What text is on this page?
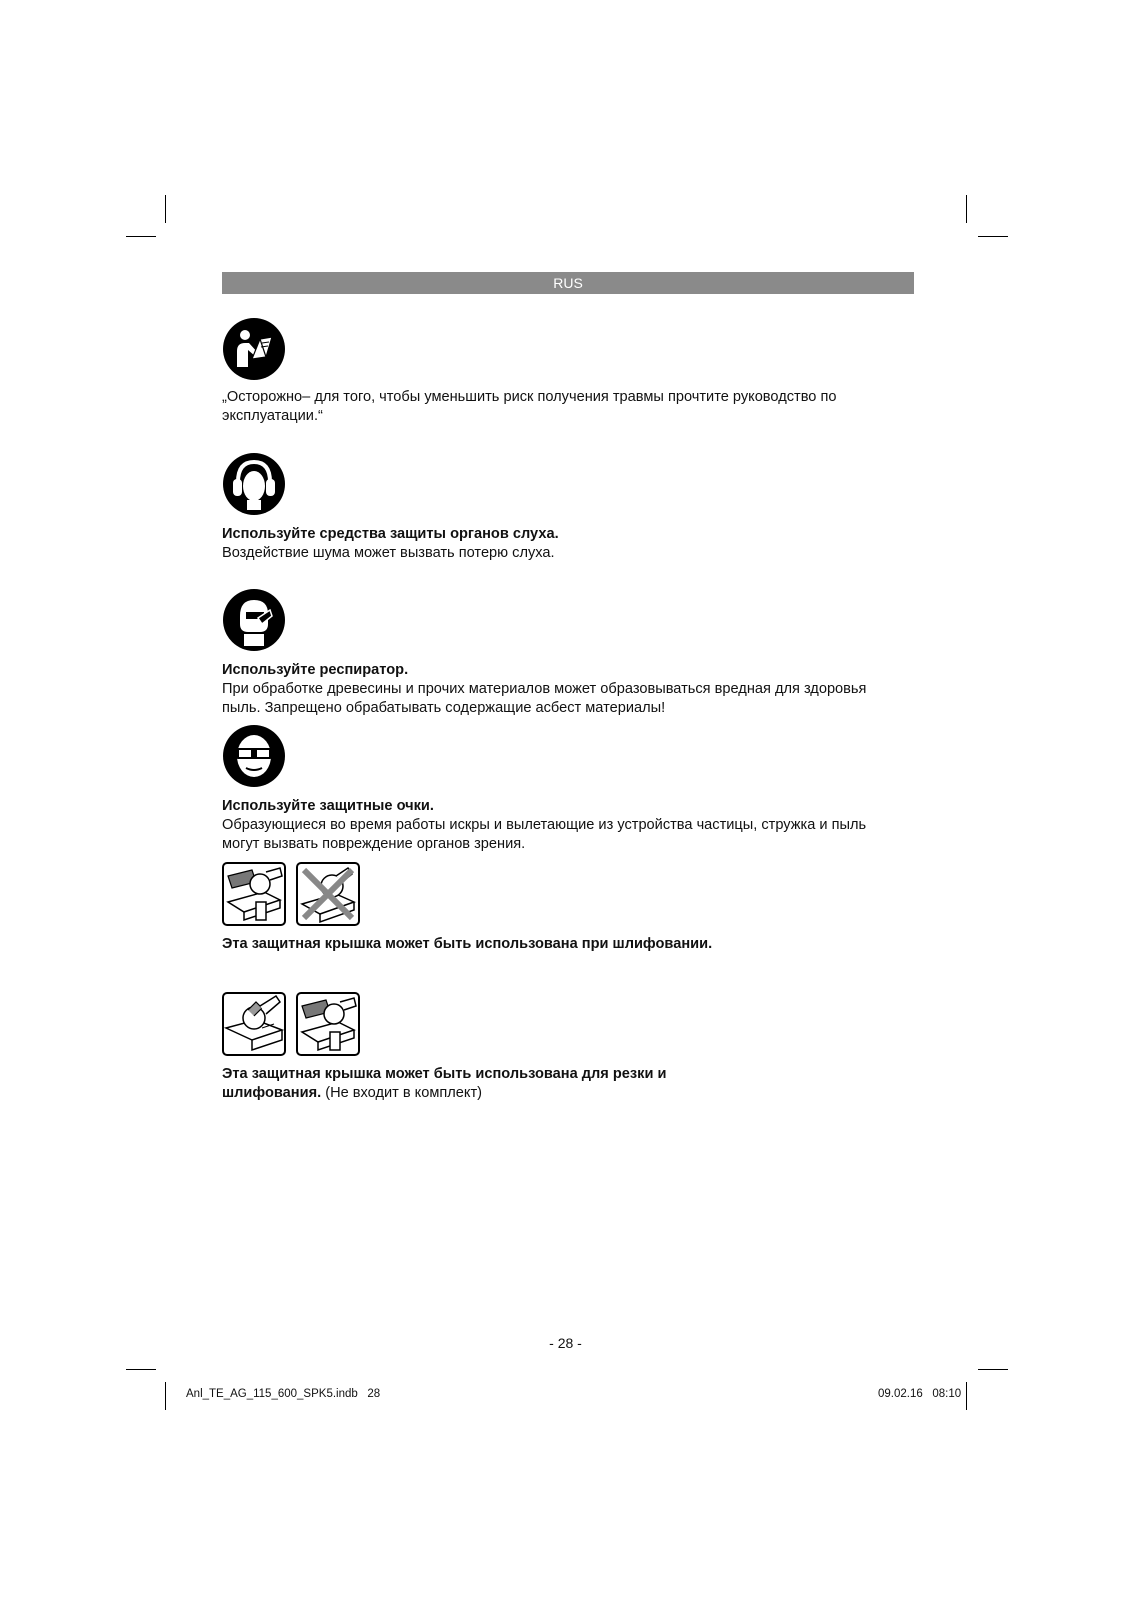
RUS
„Осторожно– для того, чтобы уменьшить риск получения травмы прочтите руководство по эксплуатации.“
Используйте средства защиты органов слуха.
Воздействие шума может вызвать потерю слуха.
Используйте респиратор.
При обработке древесины и прочих материалов может образовываться вредная для здоровья пыль. Запрещено обрабатывать содержащие асбест материалы!
Используйте защитные очки.
Образующиеся во время работы искры и вылетающие из устройства частицы, стружка и пыль могут вызвать повреждение органов зрения.
Эта защитная крышка может быть использована при шлифовании.
Эта защитная крышка может быть использована для резки и шлифования. (Не входит в комплект)
- 28 -
Anl_TE_AG_115_600_SPK5.indb   28	09.02.16   08:10
